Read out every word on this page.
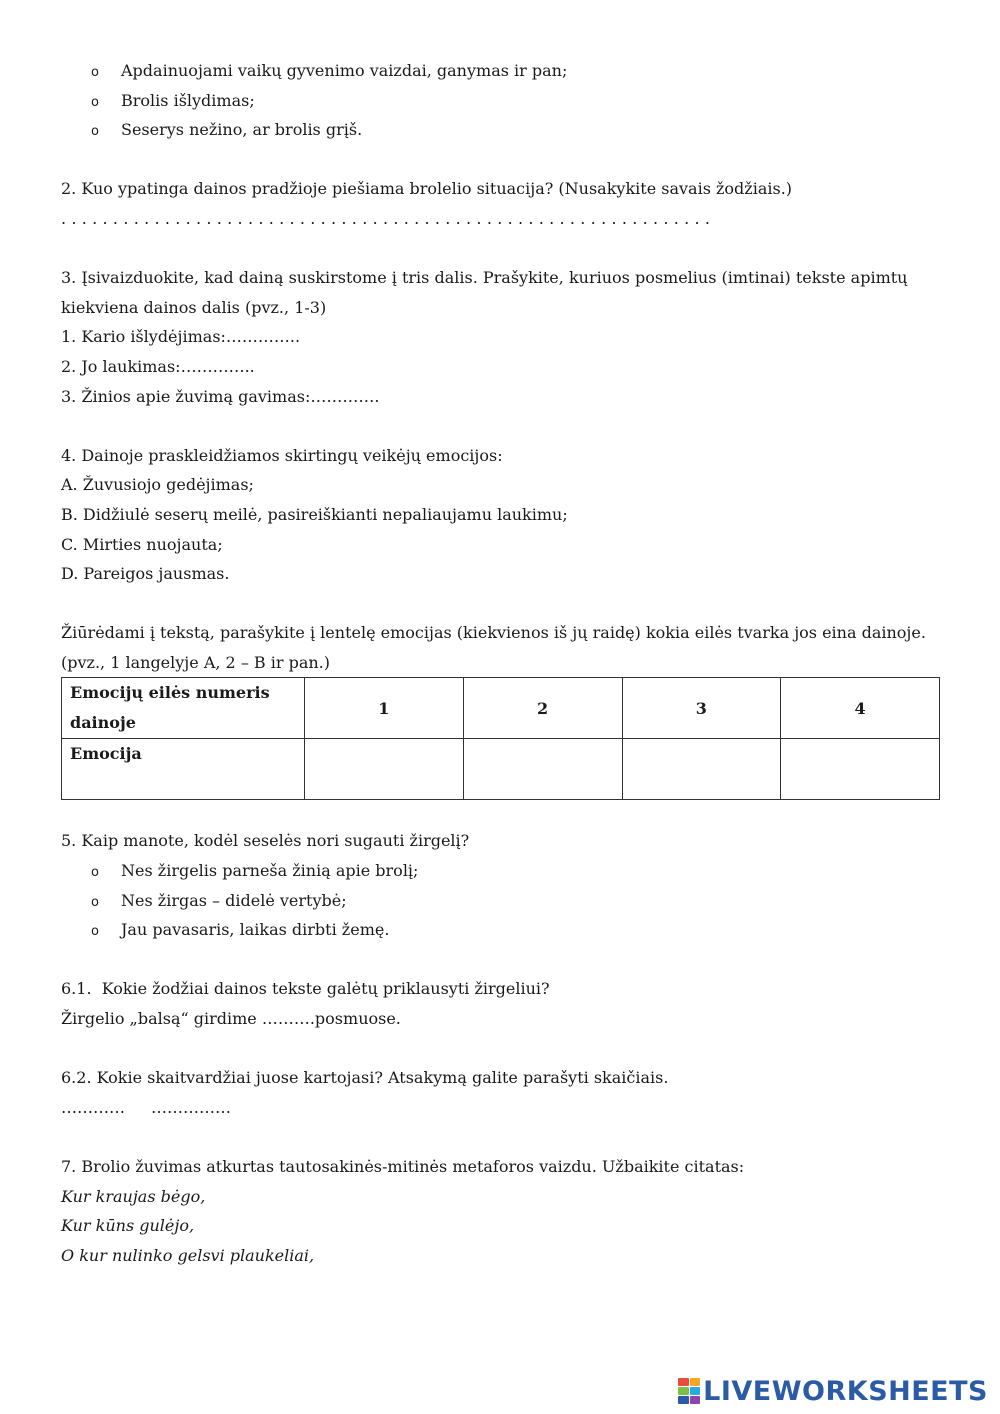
o Apdainuojami vaikų gyvenimo vaizdai, ganymas ir pan;
o Brolis išlydimas;
o Seserys nežino, ar brolis grįš.
2. Kuo ypatinga dainos pradžioje piešiama brolelio situacija? (Nusakykite savais žodžiais.)
...............................................................
3. Įsivaizduokite, kad dainą suskirstome į tris dalis. Prašykite, kuriuos posmelius (imtinai) tekste apimtų kiekviena dainos dalis (pvz., 1-3)
1. Kario išlydėjimas:…………..
2. Jo laukimas:…………..
3. Žinios apie žuvimą gavimas:………….
4. Dainoje praskleidžiamos skirtingų veikėjų emocijos:
A. Žuvusiojo gedėjimas;
B. Didžiulė seserų meilė, pasireiškianti nepaliaujamu laukimu;
C. Mirties nuojauta;
D. Pareigos jausmas.
Žiūrėdami į tekstą, parašykite į lentelę emocijas (kiekvienos iš jų raidę) kokia eilės tvarka jos eina dainoje. (pvz., 1 langelyje A, 2 – B ir pan.)
Emocijų eilės numeris dainoje	1	2	3	4
Emocija				
5. Kaip manote, kodėl seselės nori sugauti žirgelį?
o Nes žirgelis parneša žinią apie brolį;
o Nes žirgas – didelė vertybė;
o Jau pavasaris, laikas dirbti žemę.
6.1.  Kokie žodžiai dainos tekste galėtų priklausyti žirgeliui?
Žirgelio „balsą“ girdime ……….posmuose.
6.2. Kokie skaitvardžiai juose kartojasi? Atsakymą galite parašyti skaičiais.
………… ……………
7. Brolio žuvimas atkurtas tautosakinės-mitinės metaforos vaizdu. Užbaikite citatas:
Kur kraujas bėgo,
Kur kūns gulėjo,
O kur nulinko gelsvi plaukeliai,
LIVEWORKSHEETS
